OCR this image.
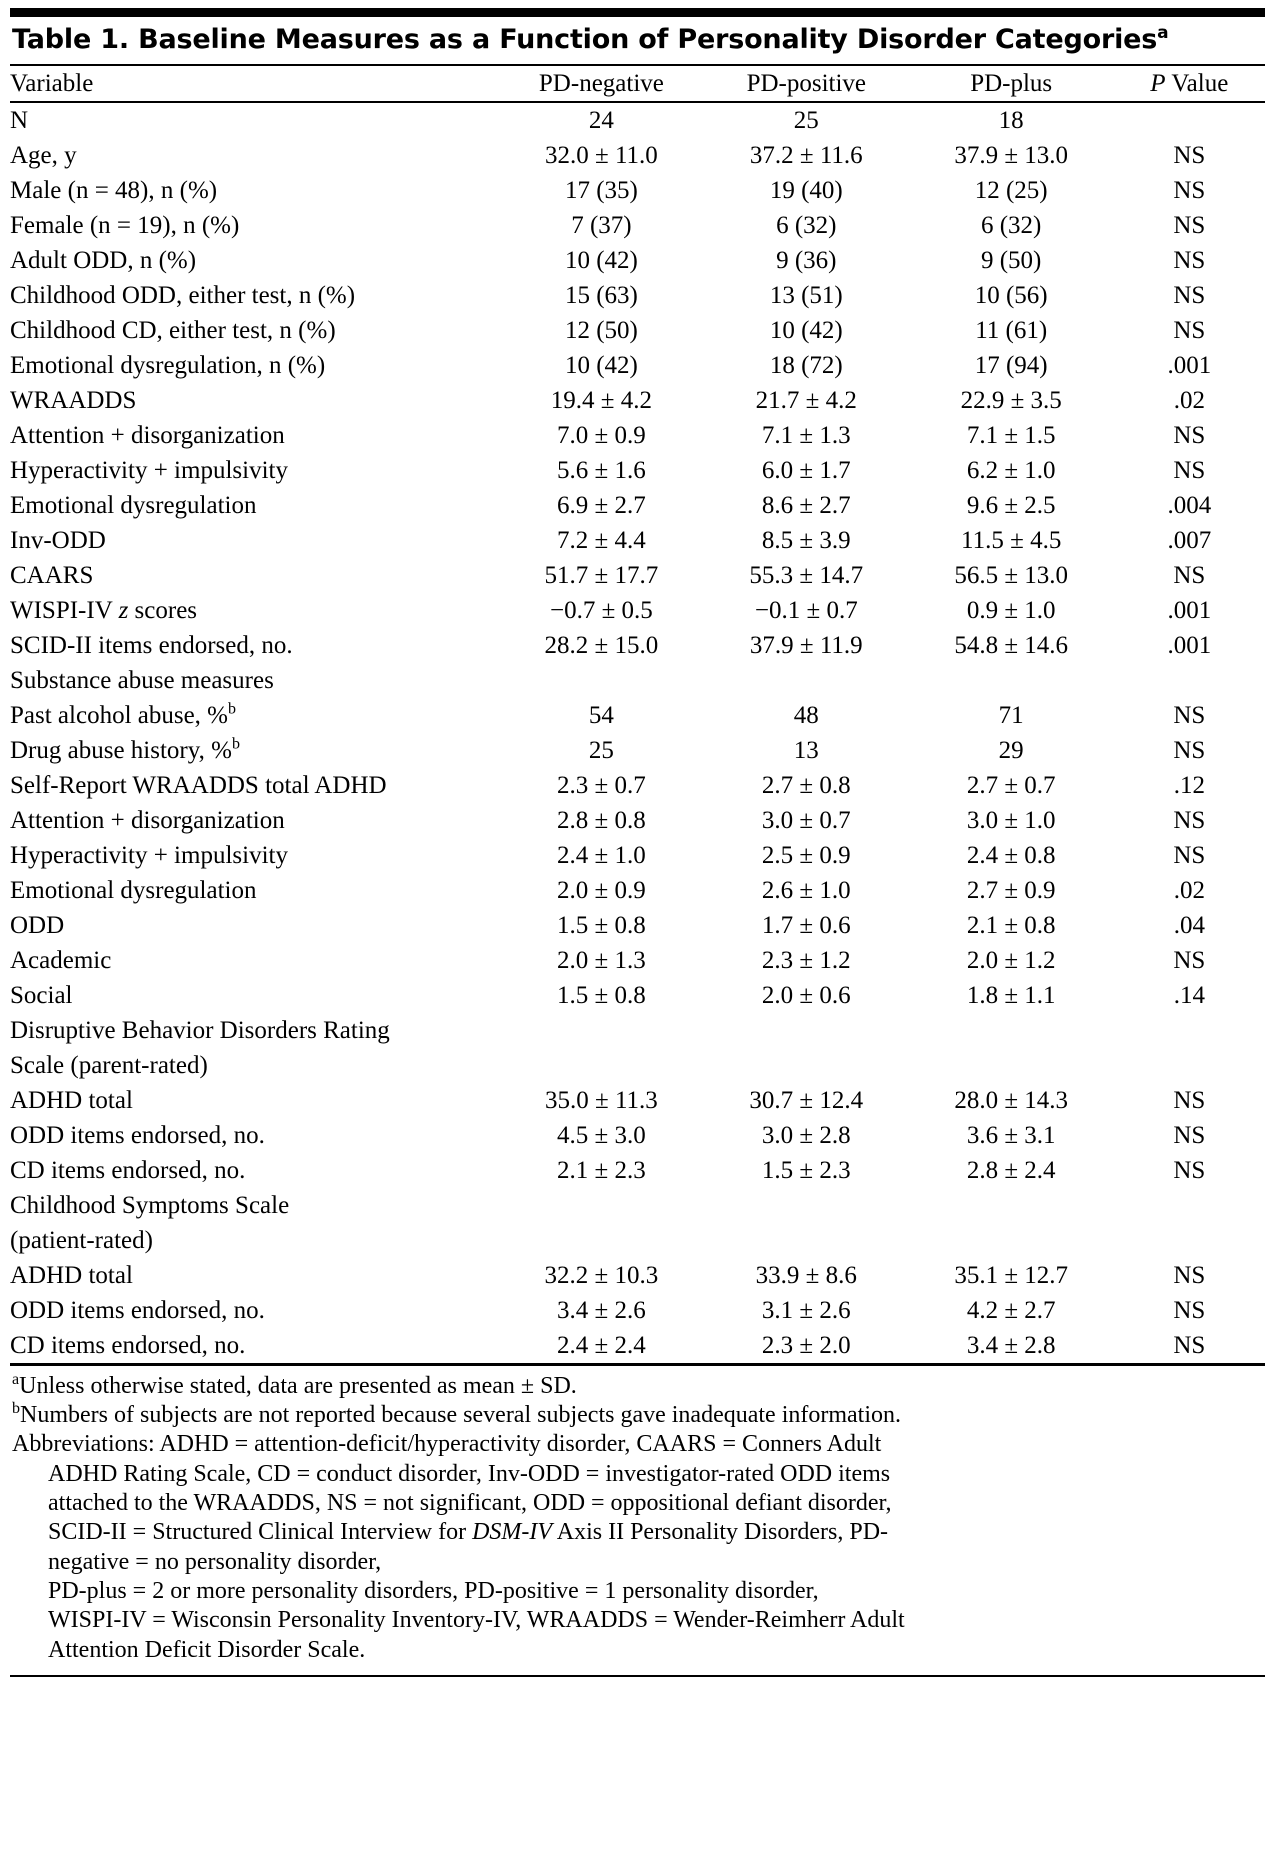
Table 1. Baseline Measures as a Function of Personality Disorder Categories$^a$
Variable	PD-negative	PD-positive	PD-plus	P Value
N	24	25	18	
Age, y	32.0 ± 11.0	37.2 ± 11.6	37.9 ± 13.0	NS
Male (n = 48), n (%)	17 (35)	19 (40)	12 (25)	NS
Female (n = 19), n (%)	7 (37)	6 (32)	6 (32)	NS
Adult ODD, n (%)	10 (42)	9 (36)	9 (50)	NS
Childhood ODD, either test, n (%)	15 (63)	13 (51)	10 (56)	NS
Childhood CD, either test, n (%)	12 (50)	10 (42)	11 (61)	NS
Emotional dysregulation, n (%)	10 (42)	18 (72)	17 (94)	.001
WRAADDS	19.4 ± 4.2	21.7 ± 4.2	22.9 ± 3.5	.02
Attention + disorganization	7.0 ± 0.9	7.1 ± 1.3	7.1 ± 1.5	NS
Hyperactivity + impulsivity	5.6 ± 1.6	6.0 ± 1.7	6.2 ± 1.0	NS
Emotional dysregulation	6.9 ± 2.7	8.6 ± 2.7	9.6 ± 2.5	.004
Inv-ODD	7.2 ± 4.4	8.5 ± 3.9	11.5 ± 4.5	.007
CAARS	51.7 ± 17.7	55.3 ± 14.7	56.5 ± 13.0	NS
WISPI-IV z scores	−0.7 ± 0.5	−0.1 ± 0.7	0.9 ± 1.0	.001
SCID-II items endorsed, no.	28.2 ± 15.0	37.9 ± 11.9	54.8 ± 14.6	.001
Substance abuse measures				
Past alcohol abuse, %$^b$	54	48	71	NS
Drug abuse history, %$^b$	25	13	29	NS
Self-Report WRAADDS total ADHD	2.3 ± 0.7	2.7 ± 0.8	2.7 ± 0.7	.12
Attention + disorganization	2.8 ± 0.8	3.0 ± 0.7	3.0 ± 1.0	NS
Hyperactivity + impulsivity	2.4 ± 1.0	2.5 ± 0.9	2.4 ± 0.8	NS
Emotional dysregulation	2.0 ± 0.9	2.6 ± 1.0	2.7 ± 0.9	.02
ODD	1.5 ± 0.8	1.7 ± 0.6	2.1 ± 0.8	.04
Academic	2.0 ± 1.3	2.3 ± 1.2	2.0 ± 1.2	NS
Social	1.5 ± 0.8	2.0 ± 0.6	1.8 ± 1.1	.14
Disruptive Behavior Disorders Rating				
Scale (parent-rated)				
ADHD total	35.0 ± 11.3	30.7 ± 12.4	28.0 ± 14.3	NS
ODD items endorsed, no.	4.5 ± 3.0	3.0 ± 2.8	3.6 ± 3.1	NS
CD items endorsed, no.	2.1 ± 2.3	1.5 ± 2.3	2.8 ± 2.4	NS
Childhood Symptoms Scale				
(patient-rated)				
ADHD total	32.2 ± 10.3	33.9 ± 8.6	35.1 ± 12.7	NS
ODD items endorsed, no.	3.4 ± 2.6	3.1 ± 2.6	4.2 ± 2.7	NS
CD items endorsed, no.	2.4 ± 2.4	2.3 ± 2.0	3.4 ± 2.8	NS

$^a$Unless otherwise stated, data are presented as mean ± SD.

$^b$Numbers of subjects are not reported because several subjects gave inadequate information.

Abbreviations: ADHD = attention-deficit/hyperactivity disorder, CAARS = Conners Adult

ADHD Rating Scale, CD = conduct disorder, Inv-ODD = investigator-rated ODD items

attached to the WRAADDS, NS = not significant, ODD = oppositional defiant disorder,

SCID-II = Structured Clinical Interview for DSM-IV Axis II Personality Disorders, PD-

negative = no personality disorder,

PD-plus = 2 or more personality disorders, PD-positive = 1 personality disorder,

WISPI-IV = Wisconsin Personality Inventory-IV, WRAADDS = Wender-Reimherr Adult

Attention Deficit Disorder Scale.
